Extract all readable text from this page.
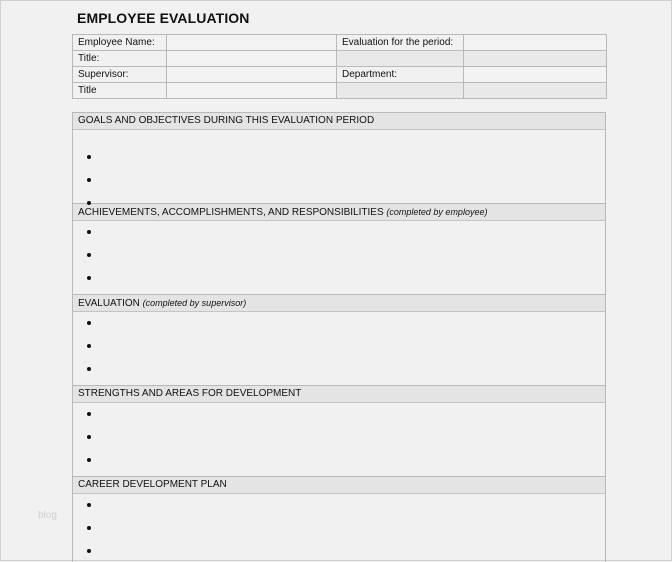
EMPLOYEE EVALUATION
Employee Name:		Evaluation for the period:	
Title:			
Supervisor:		Department:	
Title			
GOALS AND OBJECTIVES DURING THIS EVALUATION PERIOD
ACHIEVEMENTS, ACCOMPLISHMENTS, AND RESPONSIBILITIES (completed by employee)
EVALUATION (completed by supervisor)
STRENGTHS AND AREAS FOR DEVELOPMENT
CAREER DEVELOPMENT PLAN
blog
